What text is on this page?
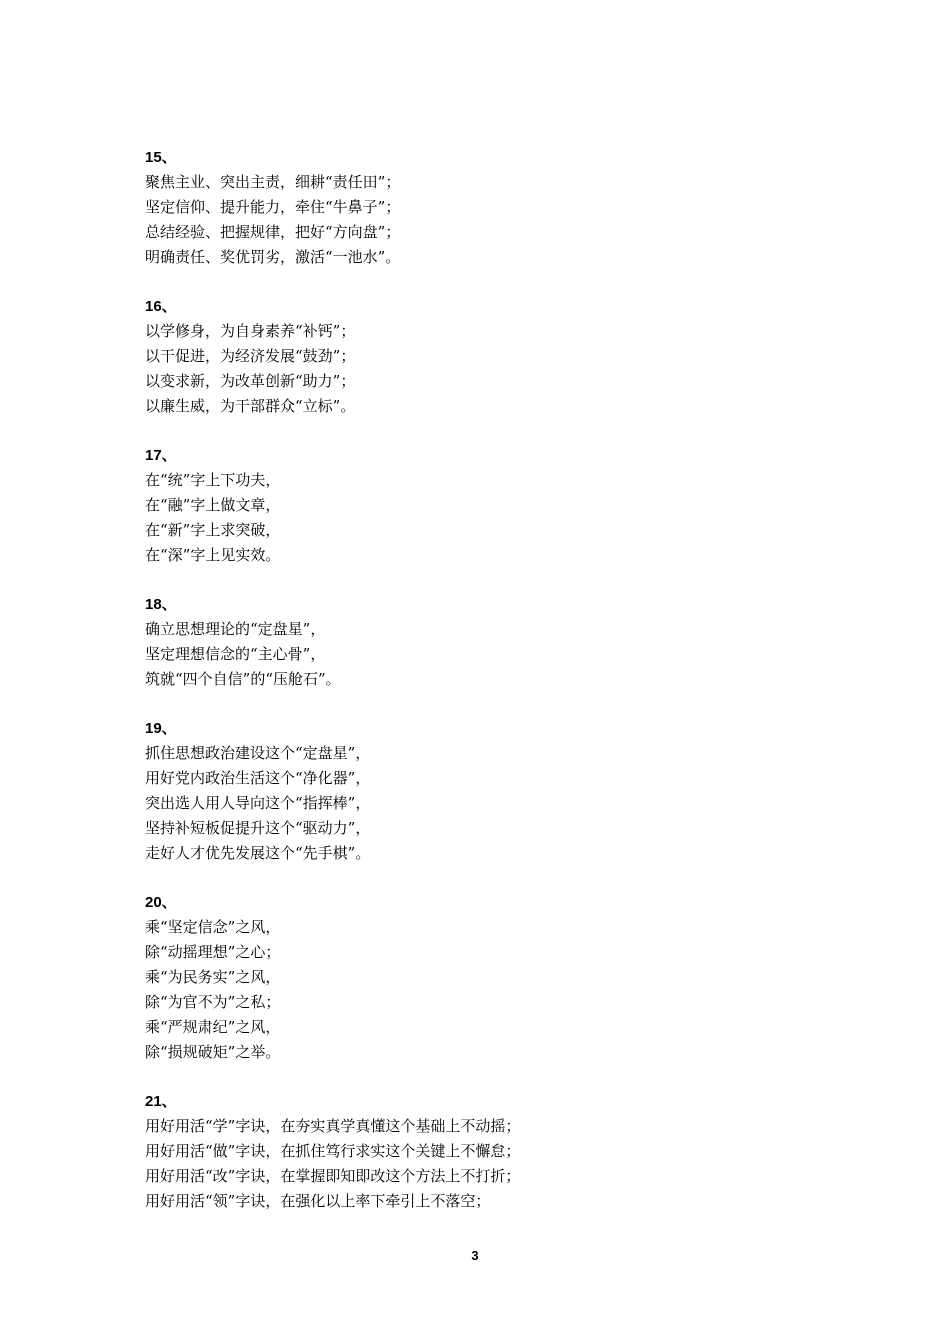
15、
聚焦主业、突出主责，细耕“责任田”；
坚定信仰、提升能力，牵住“牛鼻子”；
总结经验、把握规律，把好“方向盘”；
明确责任、奖优罚劣，激活“一池水”。
16、
以学修身，为自身素养“补钙”；
以干促进，为经济发展“鼓劲”；
以变求新，为改革创新“助力”；
以廉生威，为干部群众“立标”。
17、
在“统”字上下功夫，
在“融”字上做文章，
在“新”字上求突破，
在“深”字上见实效。
18、
确立思想理论的“定盘星”，
坚定理想信念的“主心骨”，
筑就“四个自信”的“压舱石”。
19、
抓住思想政治建设这个“定盘星”，
用好党内政治生活这个“净化器”，
突出选人用人导向这个“指挥棒”，
坚持补短板促提升这个“驱动力”，
走好人才优先发展这个“先手棋”。
20、
乘“坚定信念”之风，
除“动摇理想”之心；
乘“为民务实”之风，
除“为官不为”之私；
乘“严规肃纪”之风，
除“损规破矩”之举。
21、
用好用活“学”字诀，在夯实真学真懂这个基础上不动摇；
用好用活“做”字诀，在抓住笃行求实这个关键上不懈怠；
用好用活“改”字诀，在掌握即知即改这个方法上不打折；
用好用活“领”字诀，在强化以上率下牵引上不落空；
3
